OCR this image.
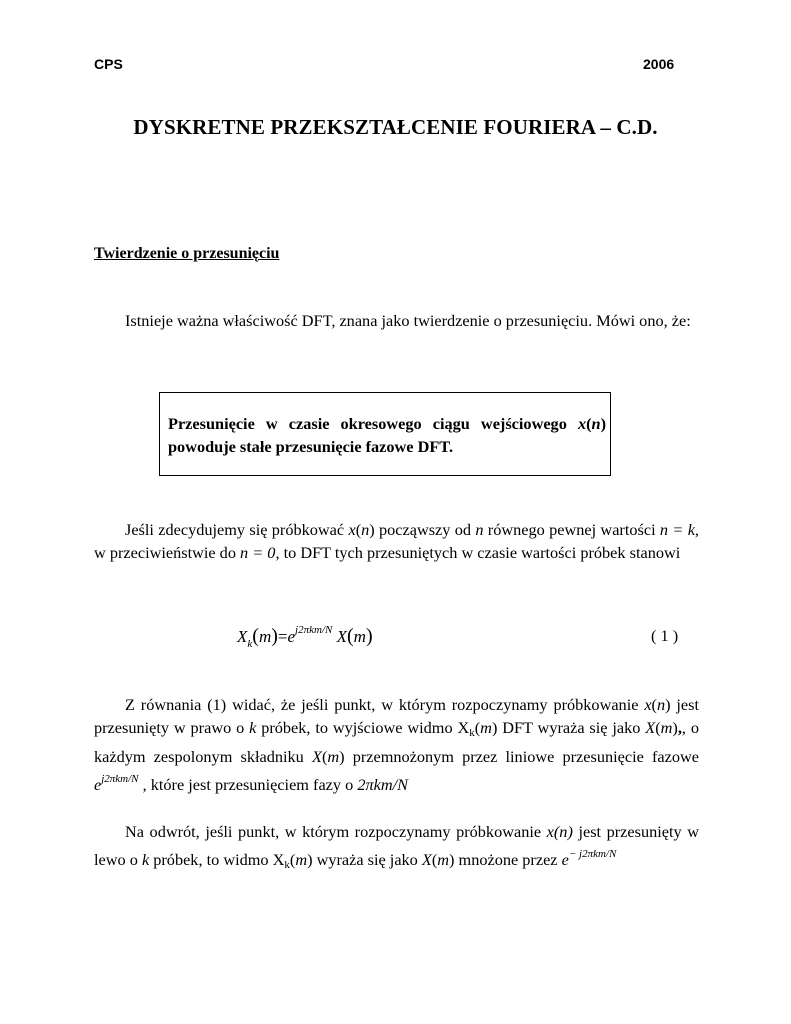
CPS	2006
DYSKRETNE PRZEKSZTAŁCENIE FOURIERA – C.D.
Twierdzenie o przesunięciu

Istnieje ważna właściwość DFT, znana jako twierdzenie o przesunięciu. Mówi ono, że:

Przesunięcie w czasie okresowego ciągu wejściowego x(n) powoduje stałe przesunięcie fazowe DFT.

Jeśli zdecydujemy się próbkować x(n) począwszy od n równego pewnej wartości n = k, w przeciwieństwie do n = 0, to DFT tych przesuniętych w czasie wartości próbek stanowi

$X_k(m)=e^{j2\pi km/N}$ X(m)	( 1 )

Z równania (1) widać, że jeśli punkt, w którym rozpoczynamy próbkowanie x(n) jest przesunięty w prawo o k próbek, to wyjściowe widmo Xk(m) DFT wyraża się jako X(m),, o każdym zespolonym składniku X(m) przemnożonym przez liniowe przesunięcie fazowe $e^{j2\pi km/N}$ , które jest przesunięciem fazy o 2πkm/N

Na odwrót, jeśli punkt, w którym rozpoczynamy próbkowanie x(n) jest przesunięty w lewo o k próbek, to widmo Xk(m) wyraża się jako X(m) mnożone przez $e^{- j2\pi km/N}$
